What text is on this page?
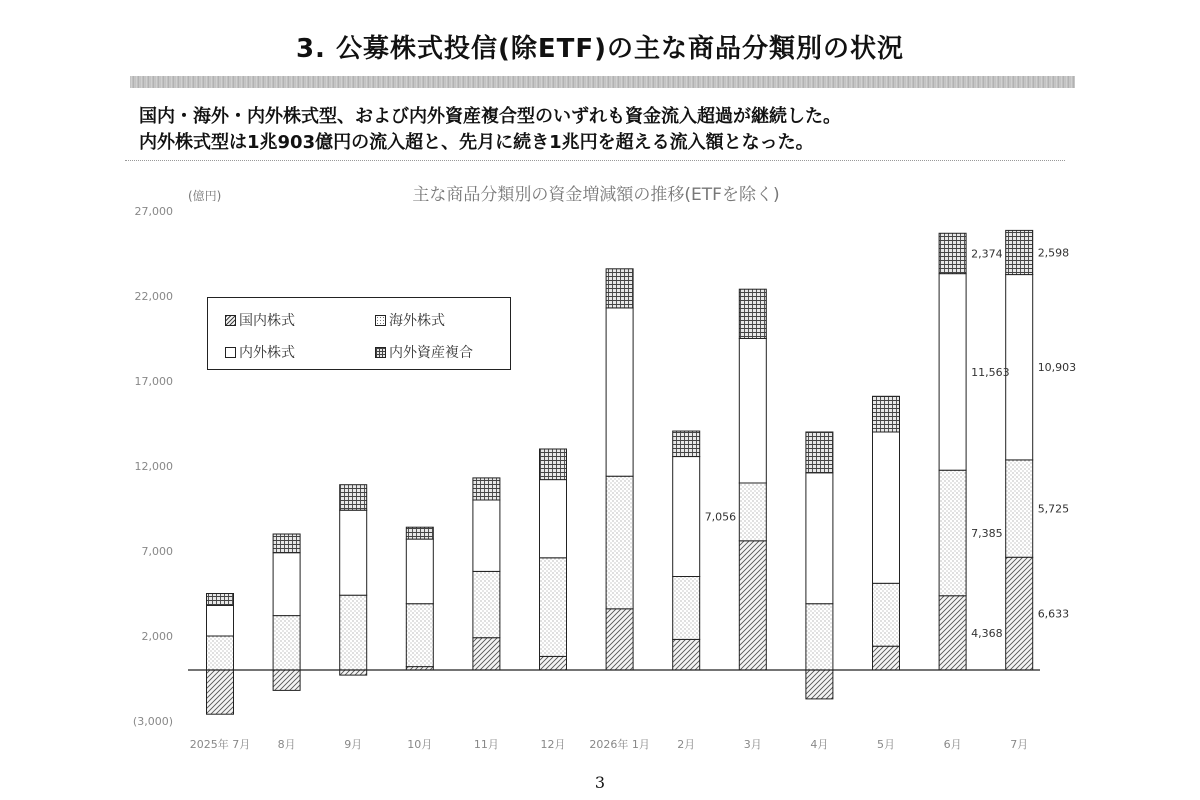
3. 公募株式投信(除ETF)の主な商品分類別の状況
国内・海外・内外株式型、および内外資産複合型のいずれも資金流入超過が継続した。
内外株式型は1兆903億円の流入超と、先月に続き1兆円を超える流入額となった。
主な商品分類別の資金増減額の推移(ETFを除く)
(億円)
(3,000)
2,000
7,000
12,000
17,000
22,000
27,000
2025年 7月 8月	9月	10月	11月	12月 2026年 1月 2月	3月	4月	5月	6月	7月
7,056
4,368
7,385
11,563
2,374
6,633
5,725
10,903
2,598
国内株式	海外株式
内外株式	内外資産複合
3
